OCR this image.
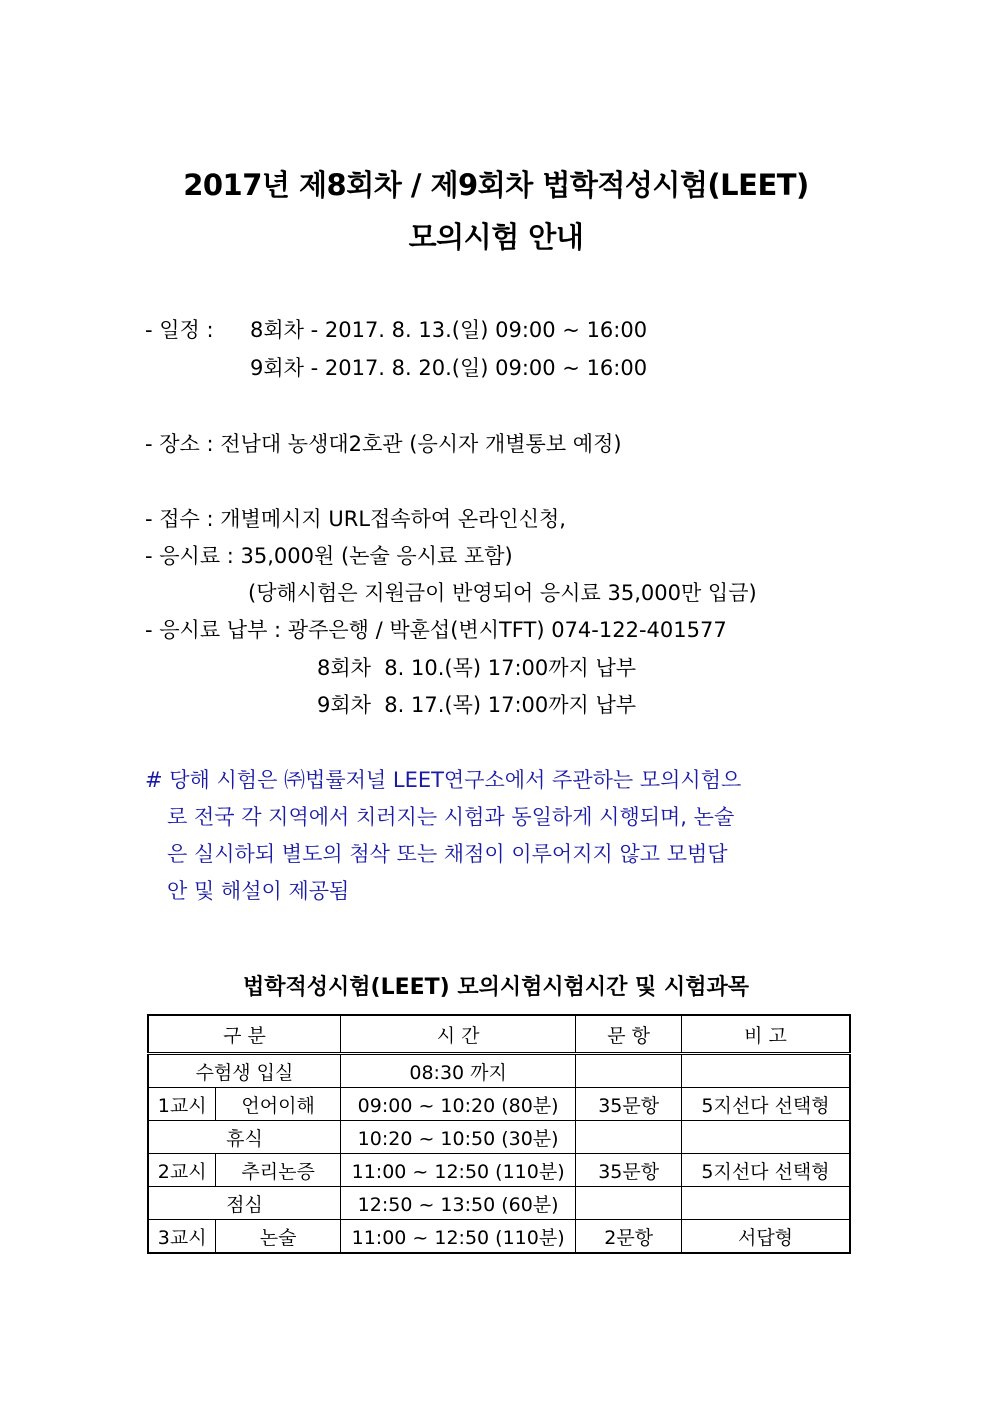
2017년 제8회차 / 제9회차 법학적성시험(LEET)
모의시험 안내
- 일정 : 8회차 - 2017. 8. 13.(일) 09:00 ~ 16:00
9회차 - 2017. 8. 20.(일) 09:00 ~ 16:00
- 장소 : 전남대 농생대2호관 (응시자 개별통보 예정)
- 접수 : 개별메시지 URL접속하여 온라인신청,
- 응시료 : 35,000원 (논술 응시료 포함)
(당해시험은 지원금이 반영되어 응시료 35,000만 입금)
- 응시료 납부 : 광주은행 / 박훈섭(변시TFT) 074-122-401577
8회차  8. 10.(목) 17:00까지 납부
9회차  8. 17.(목) 17:00까지 납부
# 당해 시험은 ㈜법률저널 LEET연구소에서 주관하는 모의시험으
로 전국 각 지역에서 치러지는 시험과 동일하게 시행되며, 논술
은 실시하되 별도의 첨삭 또는 채점이 이루어지지 않고 모범답
안 및 해설이 제공됨
법학적성시험(LEET) 모의시험시험시간 및 시험과목
구 분		시 간	문 항	비 고
수험생 입실		08:30 까지		
1교시	언어이해	09:00 ~ 10:20 (80분)	35문항	5지선다 선택형
휴식		10:20 ~ 10:50 (30분)		
2교시	추리논증	11:00 ~ 12:50 (110분)	35문항	5지선다 선택형
점심		12:50 ~ 13:50 (60분)		
3교시	논술	11:00 ~ 12:50 (110분)	2문항	서답형
